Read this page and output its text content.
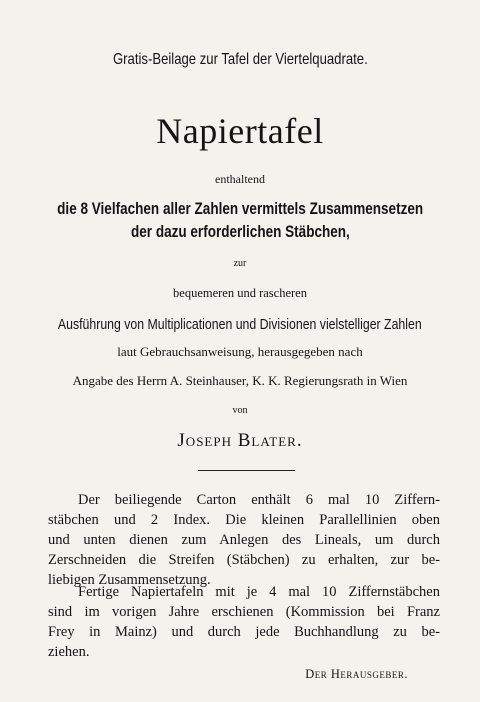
Gratis-Beilage zur Tafel der Viertelquadrate.
Napiertafel
enthaltend
die 8 Vielfachen aller Zahlen vermittels Zusammensetzen
der dazu erforderlichen Stäbchen,
zur
bequemeren und rascheren
Ausführung von Multiplicationen und Divisionen vielstelliger Zahlen
laut Gebrauchsanweisung, herausgegeben nach
Angabe des Herrn A. Steinhauser, K. K. Regierungsrath in Wien
von
Joseph Blater.
Der beiliegende Carton enthält 6 mal 10 Ziffern-
stäbchen und 2 Index. Die kleinen Parallellinien oben
und unten dienen zum Anlegen des Lineals, um durch
Zerschneiden die Streifen (Stäbchen) zu erhalten, zur be-
liebigen Zusammensetzung.
Fertige Napiertafeln mit je 4 mal 10 Ziffernstäbchen
sind im vorigen Jahre erschienen (Kommission bei Franz
Frey in Mainz) und durch jede Buchhandlung zu be-
ziehen.
Der Herausgeber.
